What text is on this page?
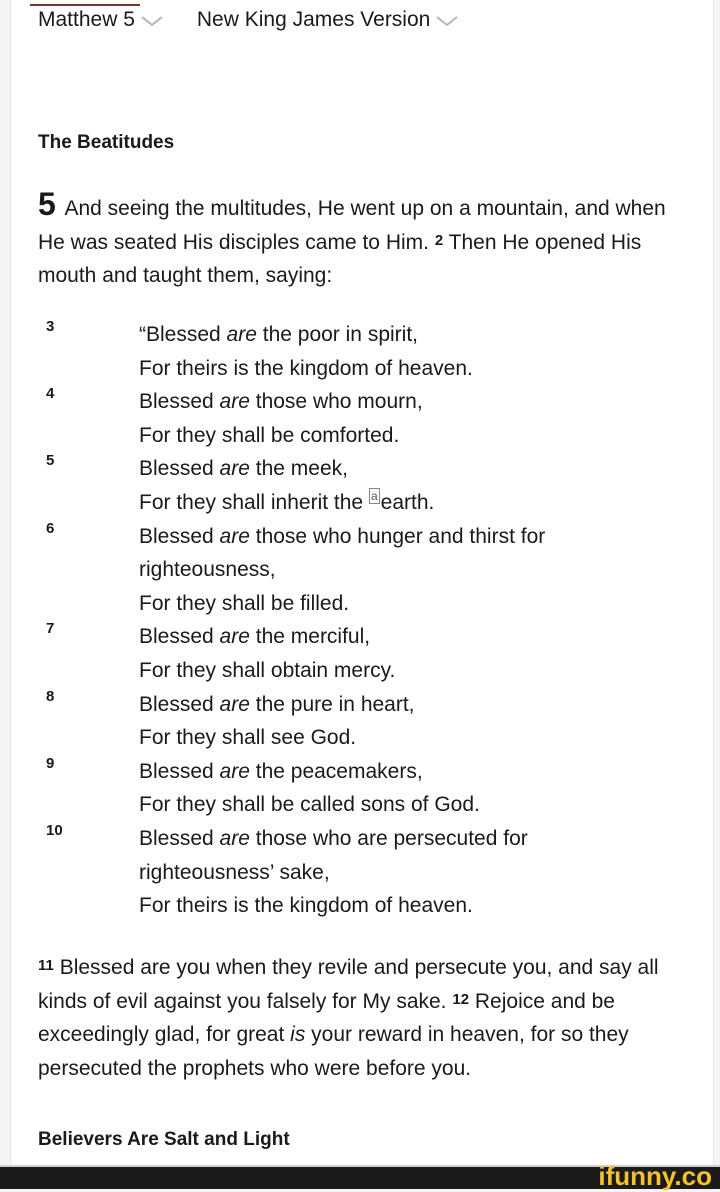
Matthew 5	New King James Version
The Beatitudes
5 And seeing the multitudes, He went up on a mountain, and when He was seated His disciples came to Him. $^2$ Then He opened His mouth and taught them, saying:
3	“Blessed are the poor in spirit,
For theirs is the kingdom of heaven.
4	Blessed are those who mourn,
For they shall be comforted.
5	Blessed are the meek,
For they shall inherit the $^a$ earth.
6	Blessed are those who hunger and thirst for
righteousness,
For they shall be filled.
7	Blessed are the merciful,
For they shall obtain mercy.
8	Blessed are the pure in heart,
For they shall see God.
9	Blessed are the peacemakers,
For they shall be called sons of God.
10	Blessed are those who are persecuted for
righteousness’ sake,
For theirs is the kingdom of heaven.
$^{11}$ Blessed are you when they revile and persecute you, and say all kinds of evil against you falsely for My sake. $^{12}$ Rejoice and be exceedingly glad, for great is your reward in heaven, for so they persecuted the prophets who were before you.
Believers Are Salt and Light
ifunny.co
